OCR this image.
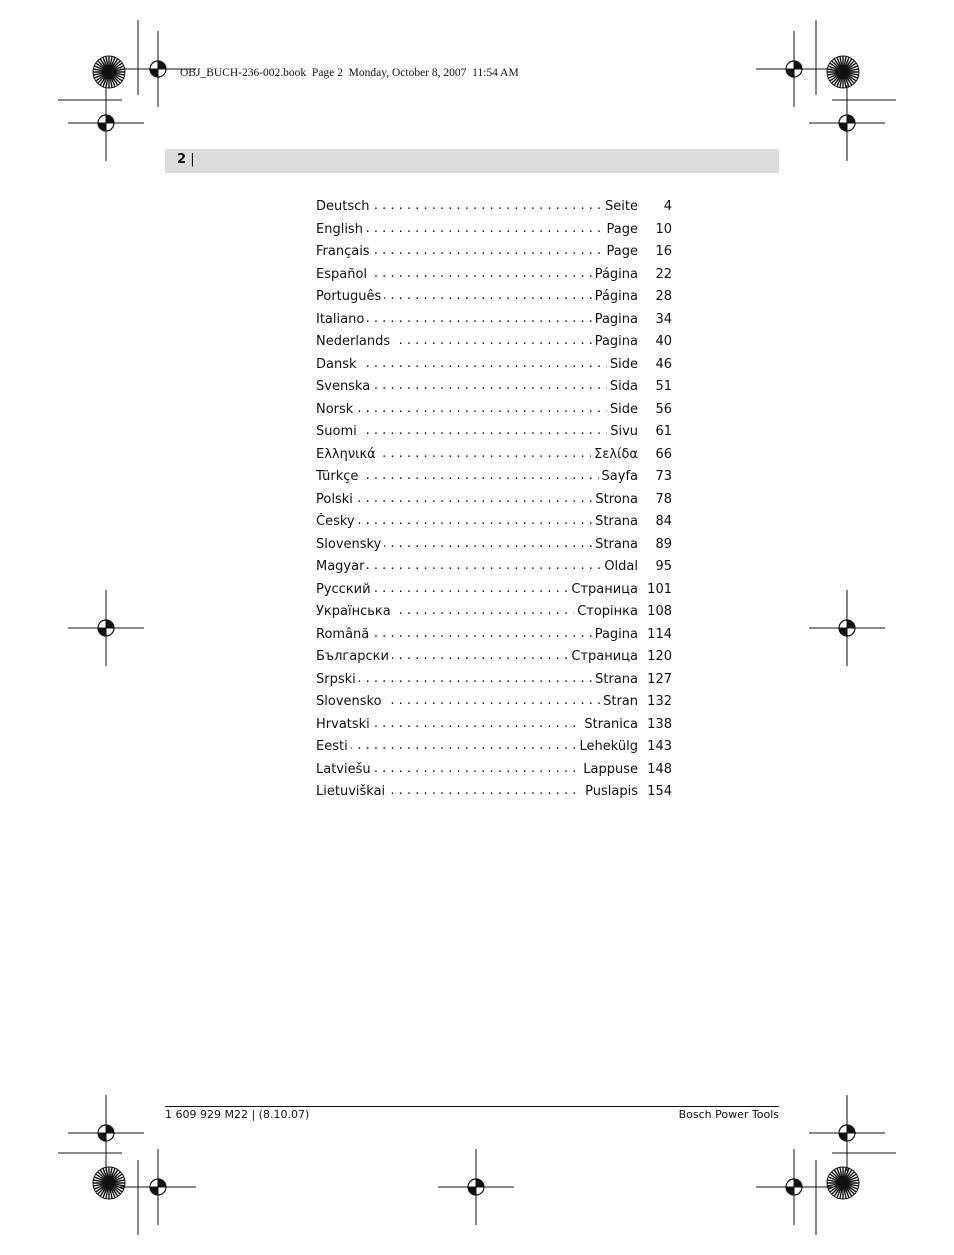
OBJ_BUCH-236-002.book  Page 2  Monday, October 8, 2007  11:54 AM
2 |
. . . Deutsch	Seite	4
. . . English	Page	10
. . . Français	Page	16
. . . Español	Página	22
. . . Português	Página	28
. . . Italiano	Pagina	34
. . . Nederlands	Pagina	40
. . . Dansk	Side	46
. . . Svenska	Sida	51
. . . Norsk	Side	56
. . . Suomi	Sivu	61
. . . Ελληνικά	Σελίδα	66
. . . Türkçe	Sayfa	73
. . . Polski	Strona	78
. . . Česky	Strana	84
. . . Slovensky	Strana	89
. . . Magyar	Oldal	95
. . . Русский	Страница 101
. . . Українська	Сторінка 108
. . . Română	Pagina 114
. . . Български	Страница 120
. . . Srpski	Strana 127
. . . Slovensko	Stran 132
. . . Hrvatski	Stranica 138
. . . Eesti	Lehekülg 143
. . . Latviešu	Lappuse 148
. . . Lietuviškai	Puslapis 154
1 609 929 M22 | (8.10.07)	Bosch Power Tools
